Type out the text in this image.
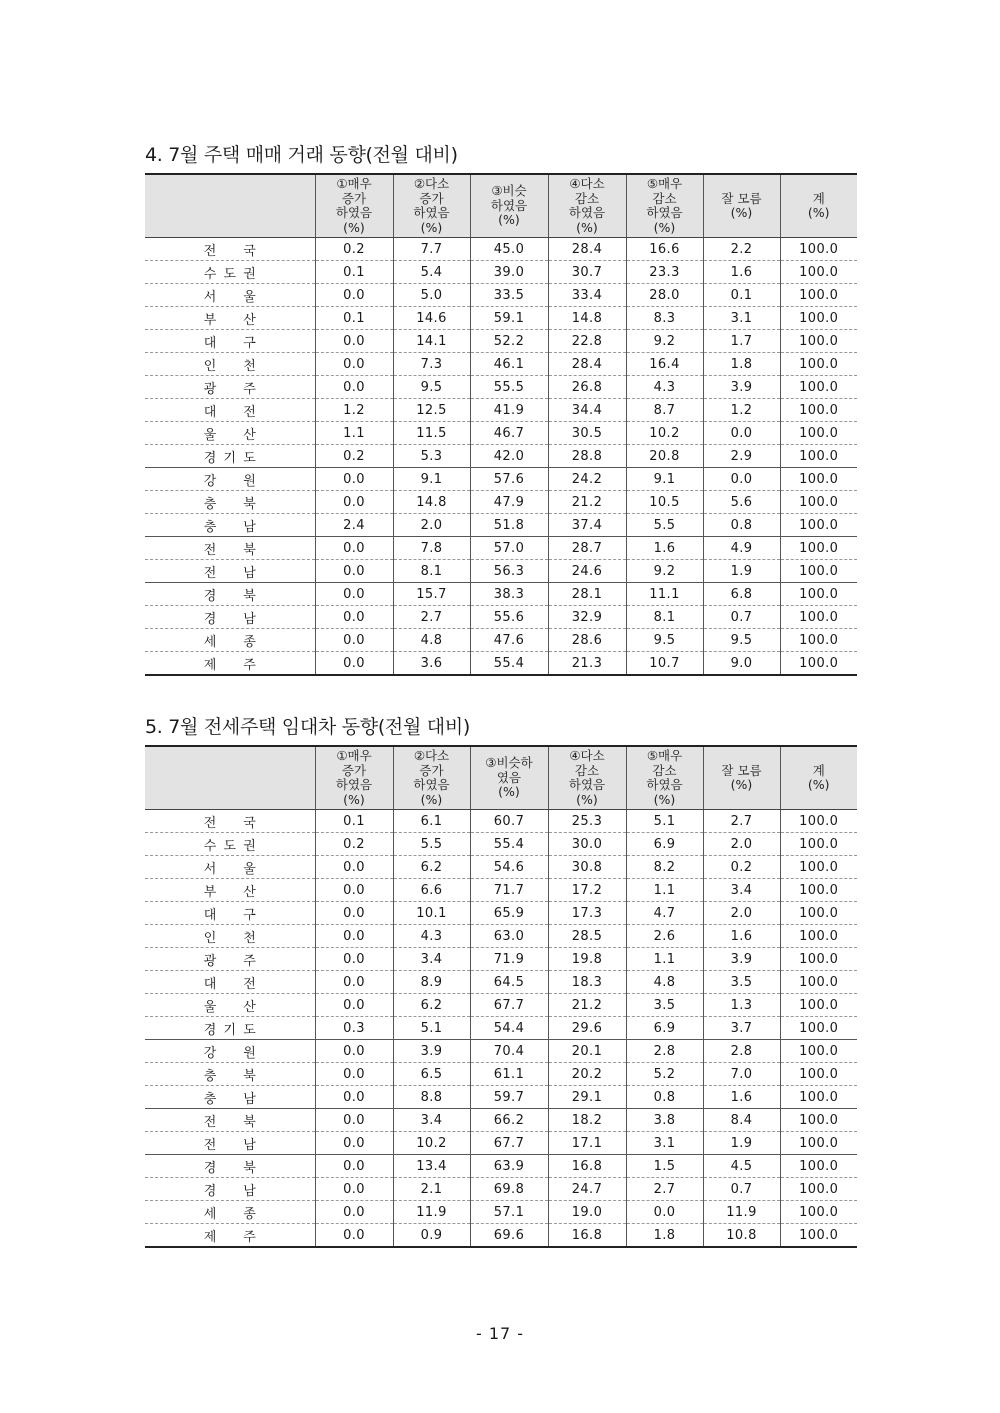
4. 7월 주택 매매 거래 동향(전월 대비)
	①매우
증가
하였음
(%)	②다소
증가
하였음
(%)	③비슷
하였음
(%)	④다소
감소
하였음
(%)	⑤매우
감소
하였음
(%)	잘 모름
(%)	계
(%)

전 국	0.2	7.7	45.0	28.4	16.6	2.2	100.0

수 도 권	0.1	5.4	39.0	30.7	23.3	1.6	100.0

서 울	0.0	5.0	33.5	33.4	28.0	0.1	100.0

부 산	0.1	14.6	59.1	14.8	8.3	3.1	100.0

대 구	0.0	14.1	52.2	22.8	9.2	1.7	100.0

인 천	0.0	7.3	46.1	28.4	16.4	1.8	100.0

광 주	0.0	9.5	55.5	26.8	4.3	3.9	100.0

대 전	1.2	12.5	41.9	34.4	8.7	1.2	100.0

울 산	1.1	11.5	46.7	30.5	10.2	0.0	100.0

경 기 도	0.2	5.3	42.0	28.8	20.8	2.9	100.0

강 원	0.0	9.1	57.6	24.2	9.1	0.0	100.0

충 북	0.0	14.8	47.9	21.2	10.5	5.6	100.0

충 남	2.4	2.0	51.8	37.4	5.5	0.8	100.0

전 북	0.0	7.8	57.0	28.7	1.6	4.9	100.0

전 남	0.0	8.1	56.3	24.6	9.2	1.9	100.0

경 북	0.0	15.7	38.3	28.1	11.1	6.8	100.0

경 남	0.0	2.7	55.6	32.9	8.1	0.7	100.0

세 종	0.0	4.8	47.6	28.6	9.5	9.5	100.0

제 주	0.0	3.6	55.4	21.3	10.7	9.0	100.0
5. 7월 전세주택 임대차 동향(전월 대비)
	①매우
증가
하였음
(%)	②다소
증가
하였음
(%)	③비슷하
였음
(%)	④다소
감소
하였음
(%)	⑤매우
감소
하였음
(%)	잘 모름
(%)	계
(%)

전 국	0.1	6.1	60.7	25.3	5.1	2.7	100.0

수 도 권	0.2	5.5	55.4	30.0	6.9	2.0	100.0

서 울	0.0	6.2	54.6	30.8	8.2	0.2	100.0

부 산	0.0	6.6	71.7	17.2	1.1	3.4	100.0

대 구	0.0	10.1	65.9	17.3	4.7	2.0	100.0

인 천	0.0	4.3	63.0	28.5	2.6	1.6	100.0

광 주	0.0	3.4	71.9	19.8	1.1	3.9	100.0

대 전	0.0	8.9	64.5	18.3	4.8	3.5	100.0

울 산	0.0	6.2	67.7	21.2	3.5	1.3	100.0

경 기 도	0.3	5.1	54.4	29.6	6.9	3.7	100.0

강 원	0.0	3.9	70.4	20.1	2.8	2.8	100.0

충 북	0.0	6.5	61.1	20.2	5.2	7.0	100.0

충 남	0.0	8.8	59.7	29.1	0.8	1.6	100.0

전 북	0.0	3.4	66.2	18.2	3.8	8.4	100.0

전 남	0.0	10.2	67.7	17.1	3.1	1.9	100.0

경 북	0.0	13.4	63.9	16.8	1.5	4.5	100.0

경 남	0.0	2.1	69.8	24.7	2.7	0.7	100.0

세 종	0.0	11.9	57.1	19.0	0.0	11.9	100.0

제 주	0.0	0.9	69.6	16.8	1.8	10.8	100.0
- 17 -
